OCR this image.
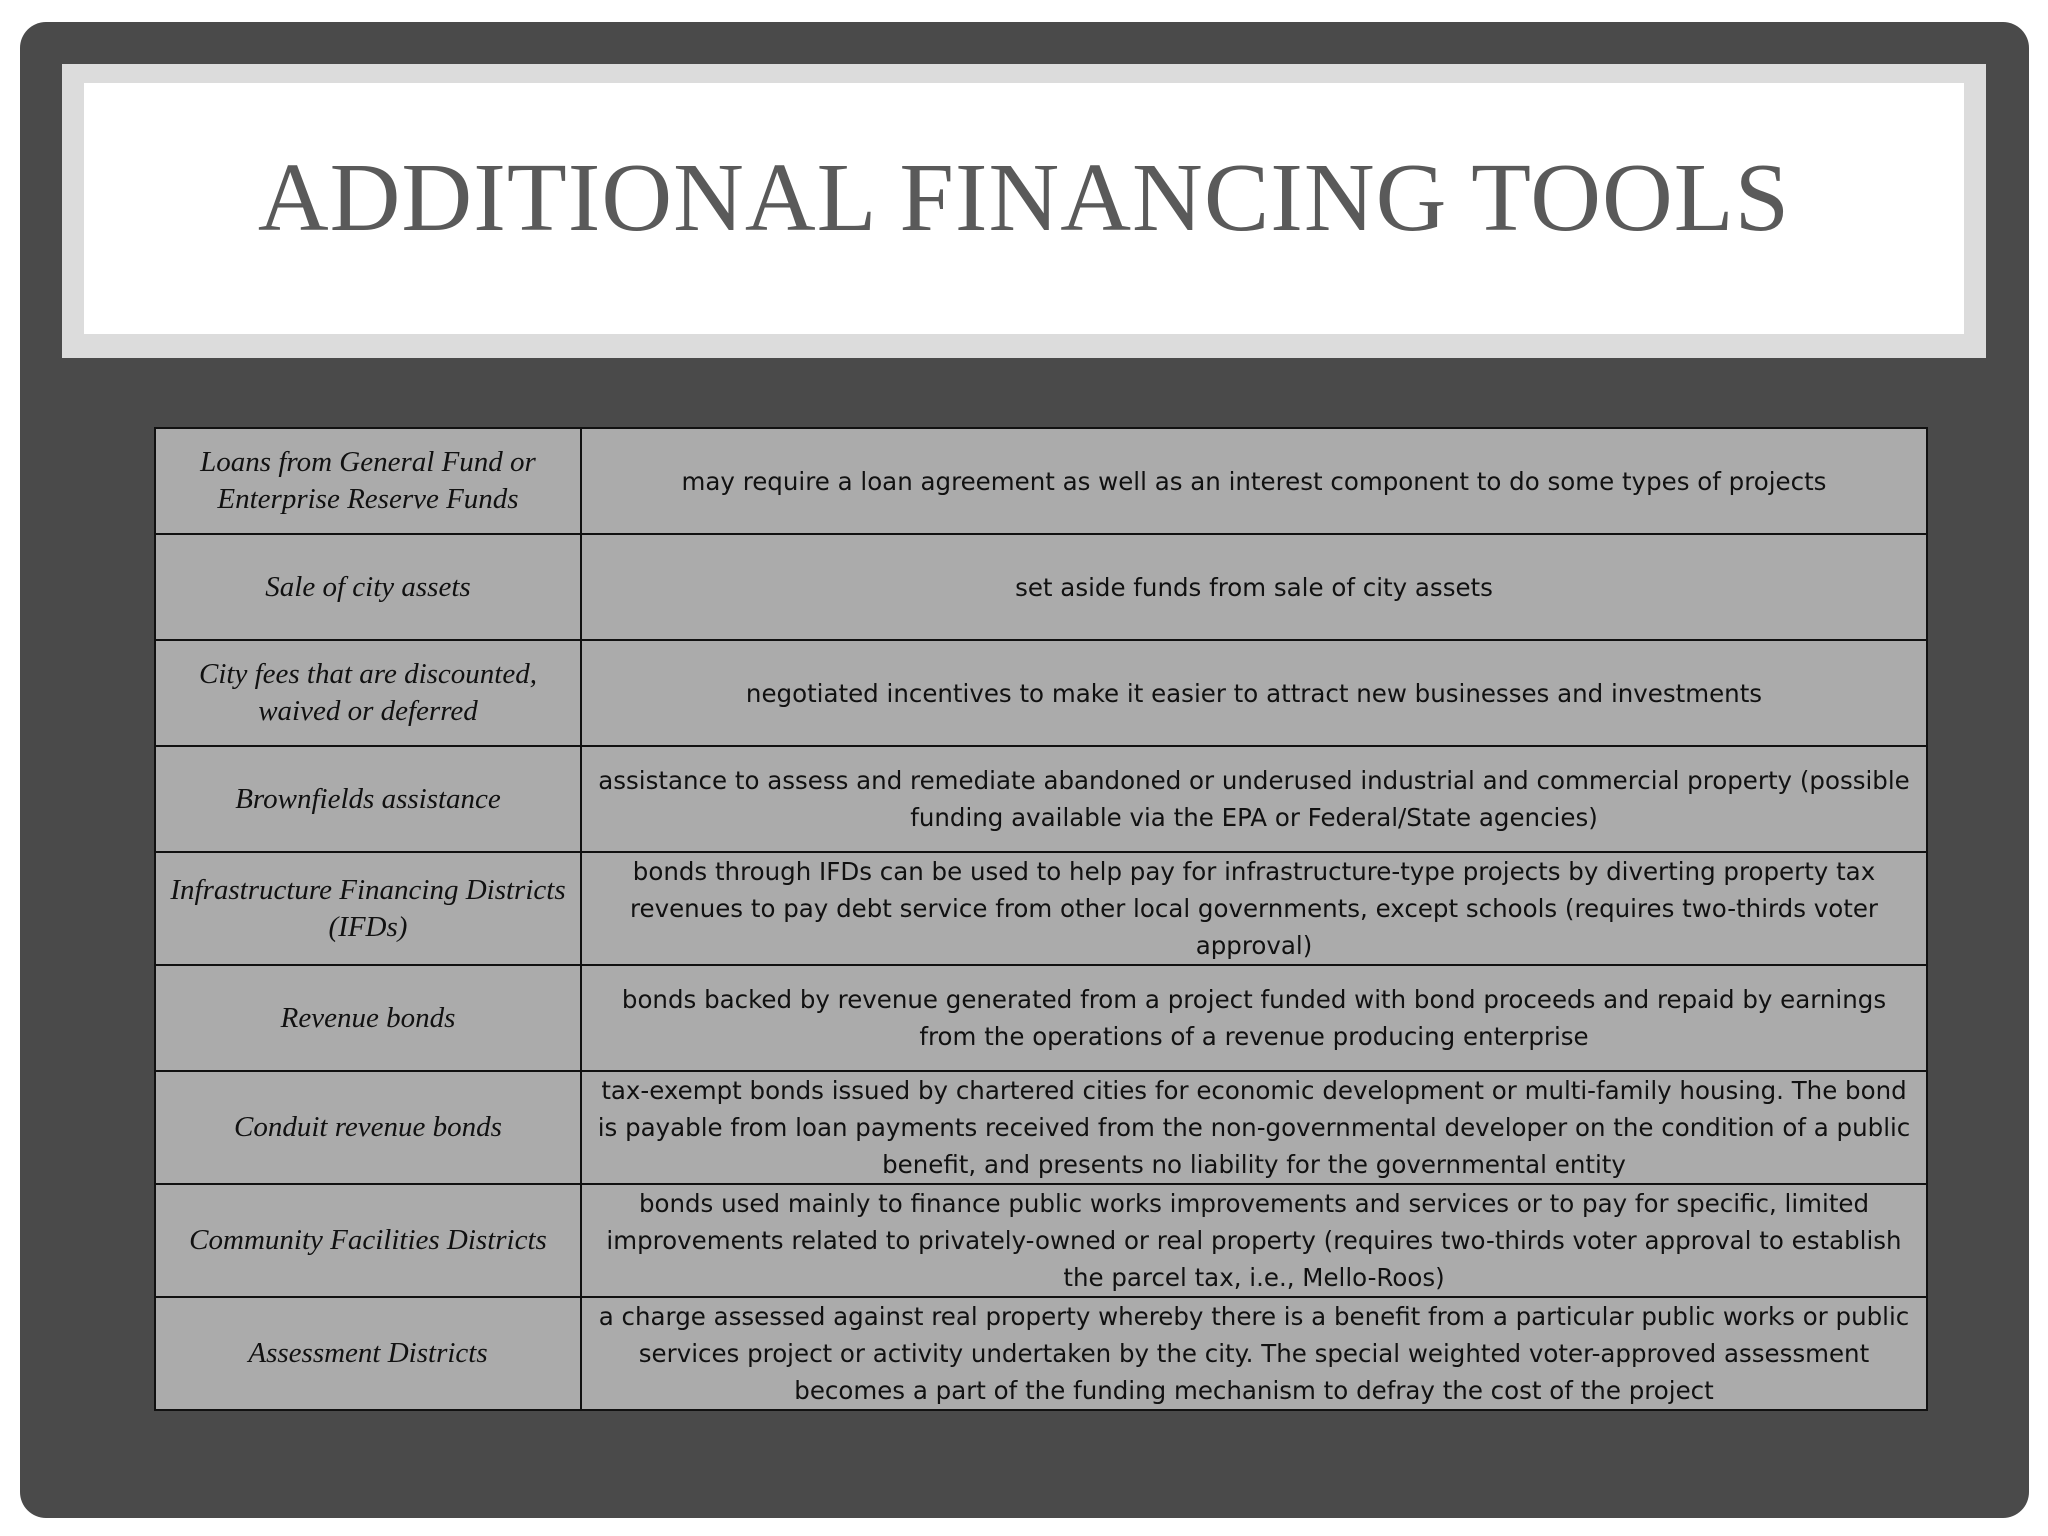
ADDITIONAL FINANCING TOOLS
Loans from General Fund or Enterprise Reserve Funds	may require a loan agreement as well as an interest component to do some types of projects
Sale of city assets	set aside funds from sale of city assets
City fees that are discounted, waived or deferred	negotiated incentives to make it easier to attract new businesses and investments
Brownfields assistance	assistance to assess and remediate abandoned or underused industrial and commercial property (possible funding available via the EPA or Federal/State agencies)
Infrastructure Financing Districts (IFDs)	bonds through IFDs can be used to help pay for infrastructure-type projects by diverting property tax revenues to pay debt service from other local governments, except schools (requires two-thirds voter approval)
Revenue bonds	bonds backed by revenue generated from a project funded with bond proceeds and repaid by earnings from the operations of a revenue producing enterprise
Conduit revenue bonds	tax-exempt bonds issued by chartered cities for economic development or multi-family housing. The bond is payable from loan payments received from the non-governmental developer on the condition of a public benefit, and presents no liability for the governmental entity
Community Facilities Districts	bonds used mainly to finance public works improvements and services or to pay for specific, limited improvements related to privately-owned or real property (requires two-thirds voter approval to establish the parcel tax, i.e., Mello-Roos)
Assessment Districts	a charge assessed against real property whereby there is a benefit from a particular public works or public services project or activity undertaken by the city. The special weighted voter-approved assessment becomes a part of the funding mechanism to defray the cost of the project
